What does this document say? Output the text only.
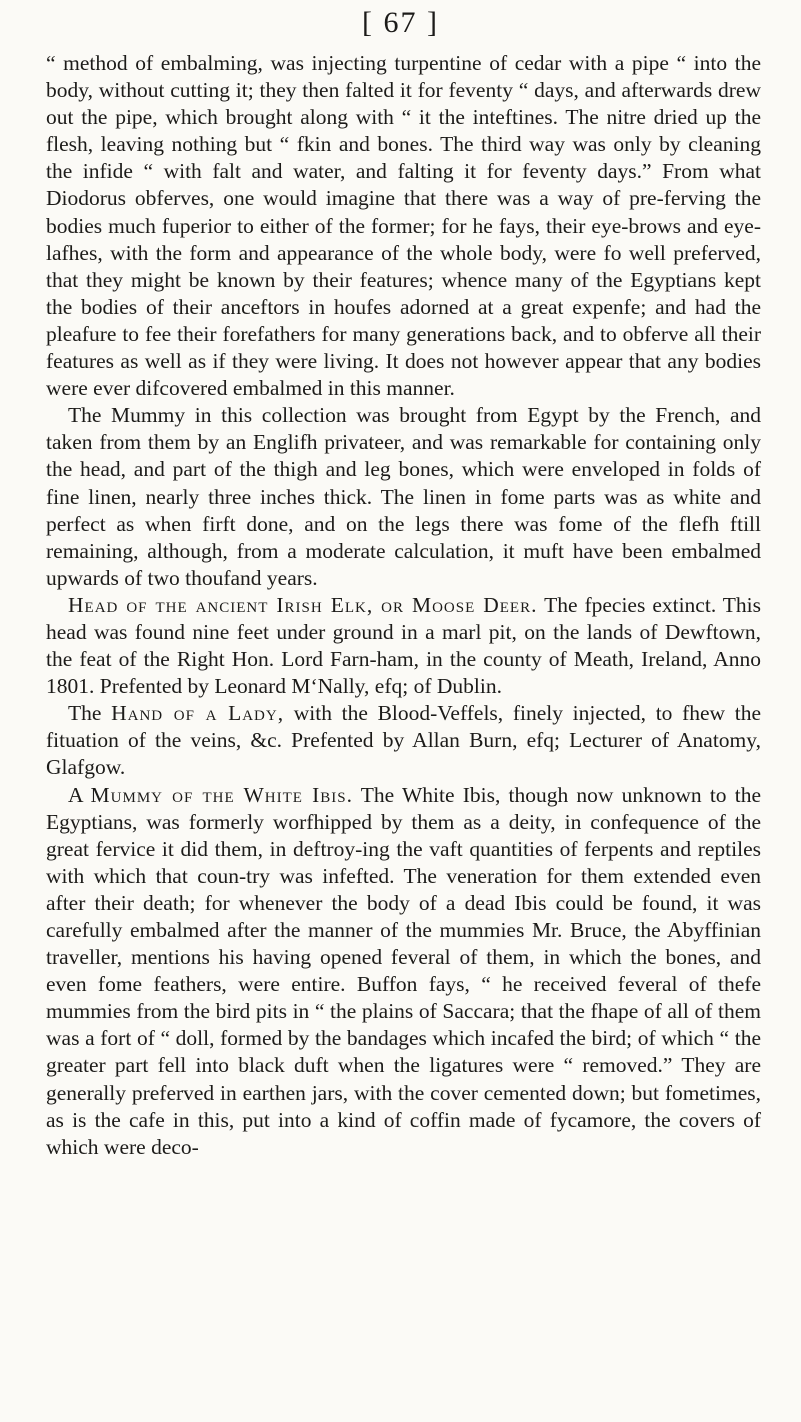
[ 67 ]

“ method of embalming, was injecting turpentine of cedar with a pipe “ into the body, without cutting it; they then falted it for feventy “ days, and afterwards drew out the pipe, which brought along with “ it the inteftines. The nitre dried up the flesh, leaving nothing but “ fkin and bones. The third way was only by cleaning the infide “ with falt and water, and falting it for feventy days.” From what Diodorus obferves, one would imagine that there was a way of pre-ferving the bodies much fuperior to either of the former; for he fays, their eye-brows and eye-lafhes, with the form and appearance of the whole body, were fo well preferved, that they might be known by their features; whence many of the Egyptians kept the bodies of their anceftors in houfes adorned at a great expenfe; and had the pleafure to fee their forefathers for many generations back, and to obferve all their features as well as if they were living. It does not however appear that any bodies were ever difcovered embalmed in this manner.

The Mummy in this collection was brought from Egypt by the French, and taken from them by an Englifh privateer, and was remarkable for containing only the head, and part of the thigh and leg bones, which were enveloped in folds of fine linen, nearly three inches thick. The linen in fome parts was as white and perfect as when firft done, and on the legs there was fome of the flefh ftill remaining, although, from a moderate calculation, it muft have been embalmed upwards of two thoufand years.

Head of the ancient Irish Elk, or Moose Deer. The fpecies extinct. This head was found nine feet under ground in a marl pit, on the lands of Dewftown, the feat of the Right Hon. Lord Farn-ham, in the county of Meath, Ireland, Anno 1801. Prefented by Leonard M‘Nally, efq; of Dublin.

The Hand of a Lady, with the Blood-Veffels, finely injected, to fhew the fituation of the veins, &c. Prefented by Allan Burn, efq; Lecturer of Anatomy, Glafgow.

A Mummy of the White Ibis. The White Ibis, though now unknown to the Egyptians, was formerly worfhipped by them as a deity, in confequence of the great fervice it did them, in deftroy-ing the vaft quantities of ferpents and reptiles with which that coun-try was infefted. The veneration for them extended even after their death; for whenever the body of a dead Ibis could be found, it was carefully embalmed after the manner of the mummies Mr. Bruce, the Abyffinian traveller, mentions his having opened feveral of them, in which the bones, and even fome feathers, were entire. Buffon fays, “ he received feveral of thefe mummies from the bird pits in “ the plains of Saccara; that the fhape of all of them was a fort of “ doll, formed by the bandages which incafed the bird; of which “ the greater part fell into black duft when the ligatures were “ removed.” They are generally preferved in earthen jars, with the cover cemented down; but fometimes, as is the cafe in this, put into a kind of coffin made of fycamore, the covers of which were deco-
